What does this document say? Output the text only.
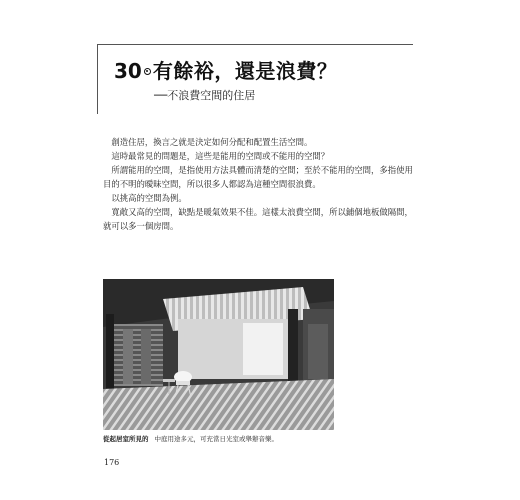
30 有餘裕，還是浪費？
──不浪費空間的住居

創造住居，換言之就是決定如何分配和配置生活空間。

這時最常見的問題是，這些是能用的空間或不能用的空間？

所謂能用的空間，是指使用方法具體而清楚的空間；至於不能用的空間，多指使用目的不明的曖昧空間，所以很多人都認為這種空間很浪費。

以挑高的空間為例。

寬敞又高的空間，缺點是暖氣效果不佳。這樣太浪費空間，所以鋪個地板做隔間，就可以多一個房間。

從起居室所見的 中庭用途多元，可充當日光室或舉辦音樂。
176
